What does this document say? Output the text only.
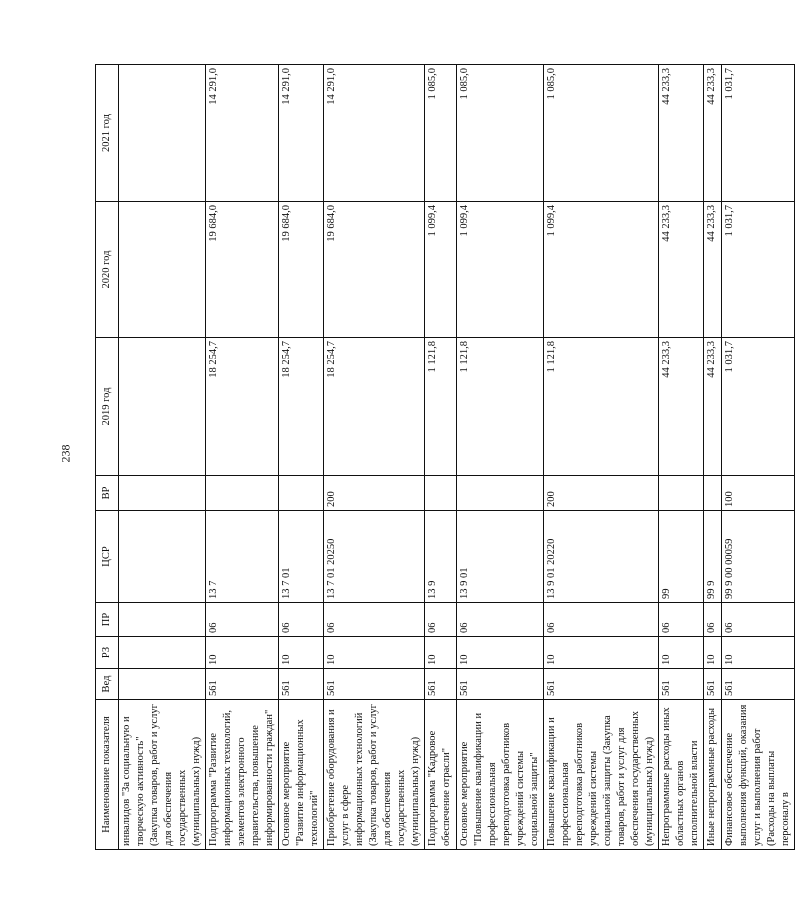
238
Наименование показателя	Вед	РЗ	ПР	ЦСР	ВР	2019 год	2020 год	2021 год
инвалидов "За социальную и творческую активность" (Закупка товаров, работ и услуг для обеспечения государственных (муниципальных) нужд)								
Подпрограмма "Развитие информационных технологий, элементов электронного правительства, повышение информированности граждан"	561	10	06	13 7		18 254,7	19 684,0	14 291,0
Основное мероприятие "Развитие информационных технологий"	561	10	06	13 7 01		18 254,7	19 684,0	14 291,0
Приобретение оборудования и услуг в сфере информационных технологий (Закупка товаров, работ и услуг для обеспечения государственных (муниципальных) нужд)	561	10	06	13 7 01 20250	200	18 254,7	19 684,0	14 291,0
Подпрограмма "Кадровое обеспечение отрасли"	561	10	06	13 9		1 121,8	1 099,4	1 085,0
Основное мероприятие "Повышение квалификации и профессиональная переподготовка работников учреждений системы социальной защиты"	561	10	06	13 9 01		1 121,8	1 099,4	1 085,0
Повышение квалификации и профессиональная переподготовка работников учреждений системы социальной защиты (Закупка товаров, работ и услуг для обеспечения государственных (муниципальных) нужд)	561	10	06	13 9 01 20220	200	1 121,8	1 099,4	1 085,0
Непрограммные расходы иных областных органов исполнительной власти	561	10	06	99		44 233,3	44 233,3	44 233,3
Иные непрограммные расходы	561	10	06	99 9		44 233,3	44 233,3	44 233,3
Финансовое обеспечение выполнения функций, оказания услуг и выполнения работ (Расходы на выплаты персоналу в	561	10	06	99 9 00 00059	100	1 031,7	1 031,7	1 031,7
